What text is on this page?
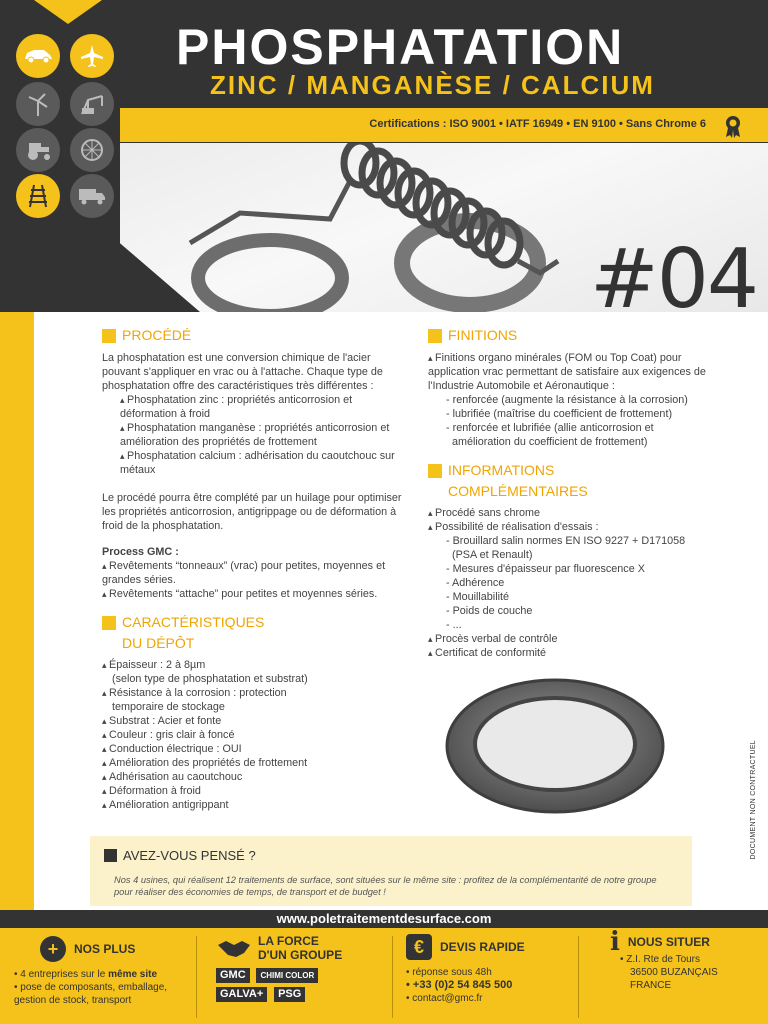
Certifications : ISO 9001 • IATF 16949 • EN 9100 • Sans Chrome 6
PHOSPHATATION
ZINC / MANGANÈSE / CALCIUM
#04
PROCÉDÉ

La phosphatation est une conversion chimique de l'acier pouvant s'appliquer en vrac ou à l'attache. Chaque type de phosphatation offre des caractéristiques très différentes :

▴ Phosphatation zinc : propriétés anticorrosion et déformation à froid
▴ Phosphatation manganèse : propriétés anticorrosion et amélioration des propriétés de frottement
▴ Phosphatation calcium : adhérisation du caoutchouc sur métaux

Le procédé pourra être complété par un huilage pour optimiser les propriétés anticorrosion, antigrippage ou de déformation à froid de la phosphatation.

Process GMC :
▴ Revêtements “tonneaux” (vrac) pour petites, moyennes et grandes séries.
▴ Revêtements “attache” pour petites et moyennes séries.
CARACTÉRISTIQUES
DU DÉPÔT
▴ Épaisseur : 2 à 8µm
(selon type de phosphatation et substrat)
▴ Résistance à la corrosion : protection
temporaire de stockage
▴ Substrat : Acier et fonte
▴ Couleur : gris clair à foncé
▴ Conduction électrique : OUI
▴ Amélioration des propriétés de frottement
▴ Adhérisation au caoutchouc
▴ Déformation à froid
▴ Amélioration antigrippant
FINITIONS

▴ Finitions organo minérales (FOM ou Top Coat) pour application vrac permettant de satisfaire aux exigences de l'Industrie Automobile et Aéronautique :

- renforcée (augmente la résistance à la corrosion)
- lubrifiée (maîtrise du coefficient de frottement)
- renforcée et lubrifiée (allie anticorrosion et
amélioration du coefficient de frottement)
INFORMATIONS
COMPLÉMENTAIRES
▴ Procédé sans chrome
▴ Possibilité de réalisation d'essais :
- Brouillard salin normes EN ISO 9227 + D171058
(PSA et Renault)
- Mesures d'épaisseur par fluorescence X
- Adhérence
- Mouillabilité
- Poids de couche
- ...
▴ Procès verbal de contrôle
▴ Certificat de conformité
DOCUMENT NON CONTRACTUEL
AVEZ-VOUS PENSÉ ?
Nos 4 usines, qui réalisent 12 traitements de surface, sont situées sur le même site : profitez de la complémentarité de notre groupe pour réaliser des économies de temps, de transport et de budget !
www.poletraitementdesurface.com
+	NOS PLUS
• 4 entreprises sur le même site
• pose de composants, emballage, gestion de stock, transport
LA FORCE
D'UN GROUPE
GMC CHIMI COLOR
GALVA+ PSG
€	DEVIS RAPIDE
• réponse sous 48h
• +33 (0)2 54 845 500
• contact@gmc.fr
i NOUS SITUER
• Z.I. Rte de Tours
36500 BUZANÇAIS
FRANCE
